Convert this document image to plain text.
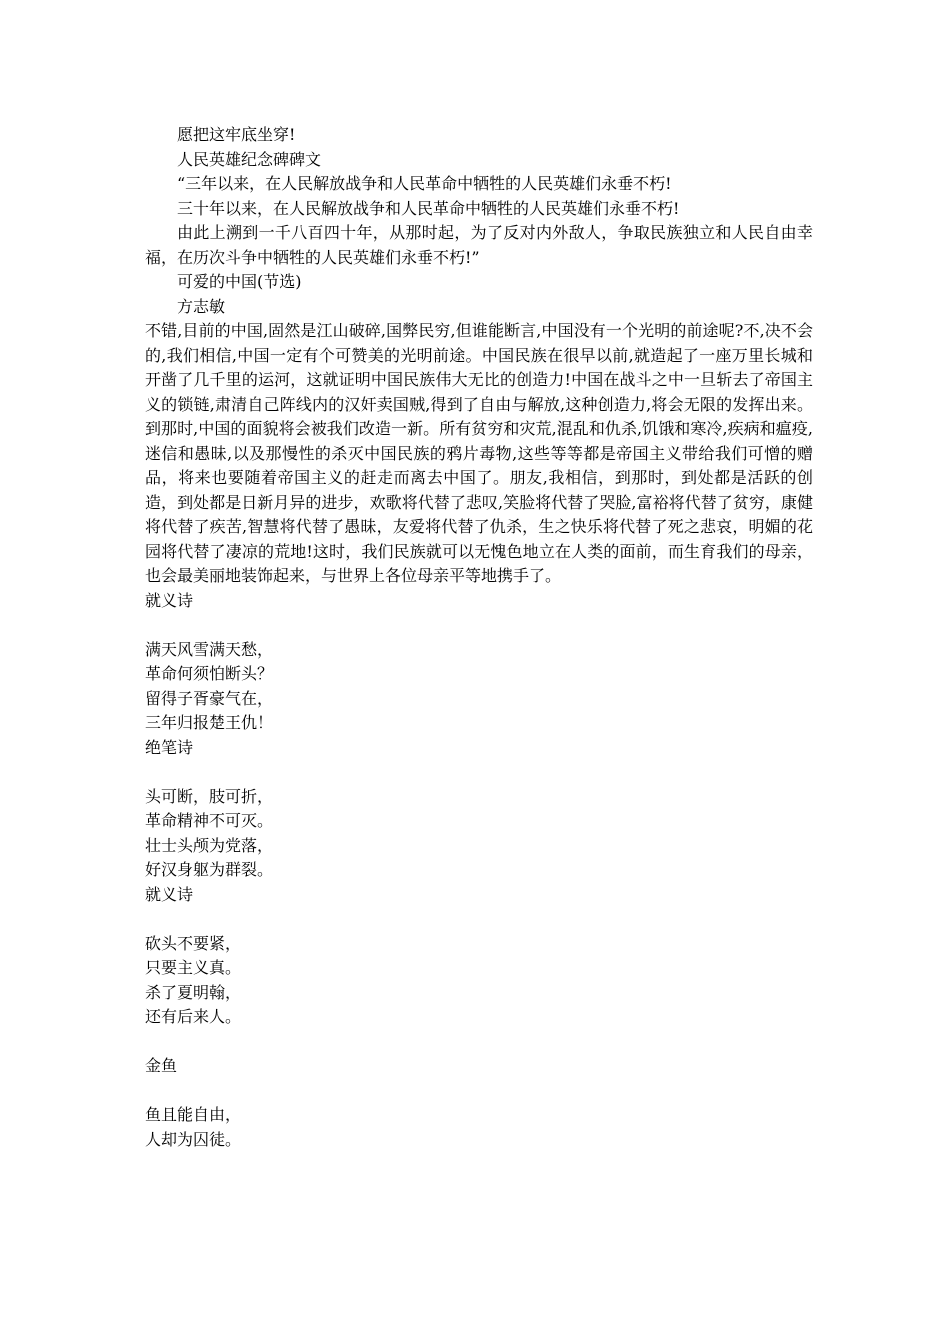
愿把这牢底坐穿!
人民英雄纪念碑碑文
“三年以来，在人民解放战争和人民革命中牺牲的人民英雄们永垂不朽!
三十年以来，在人民解放战争和人民革命中牺牲的人民英雄们永垂不朽!
由此上溯到一千八百四十年，从那时起，为了反对内外敌人，争取民族独立和人民自由幸福，在历次斗争中牺牲的人民英雄们永垂不朽!”
可爱的中国(节选)
方志敏
不错,目前的中国,固然是江山破碎,国弊民穷,但谁能断言,中国没有一个光明的前途呢?不,决不会的,我们相信,中国一定有个可赞美的光明前途。中国民族在很早以前,就造起了一座万里长城和开凿了几千里的运河，这就证明中国民族伟大无比的创造力!中国在战斗之中一旦斩去了帝国主义的锁链,肃清自己阵线内的汉奸卖国贼,得到了自由与解放,这种创造力,将会无限的发挥出来。到那时,中国的面貌将会被我们改造一新。所有贫穷和灾荒,混乱和仇杀,饥饿和寒冷,疾病和瘟疫,迷信和愚昧,以及那慢性的杀灭中国民族的鸦片毒物,这些等等都是帝国主义带给我们可憎的赠品，将来也要随着帝国主义的赶走而离去中国了。朋友,我相信，到那时，到处都是活跃的创造，到处都是日新月异的进步，欢歌将代替了悲叹,笑脸将代替了哭脸,富裕将代替了贫穷，康健将代替了疾苦,智慧将代替了愚昧，友爱将代替了仇杀，生之快乐将代替了死之悲哀，明媚的花园将代替了凄凉的荒地!这时，我们民族就可以无愧色地立在人类的面前，而生育我们的母亲，也会最美丽地装饰起来，与世界上各位母亲平等地携手了。
就义诗
满天风雪满天愁，
革命何须怕断头？
留得子胥豪气在，
三年归报楚王仇！
绝笔诗
头可断，肢可折，
革命精神不可灭。
壮士头颅为党落，
好汉身躯为群裂。
就义诗
砍头不要紧，
只要主义真。
杀了夏明翰，
还有后来人。
金鱼
鱼且能自由，
人却为囚徒。
